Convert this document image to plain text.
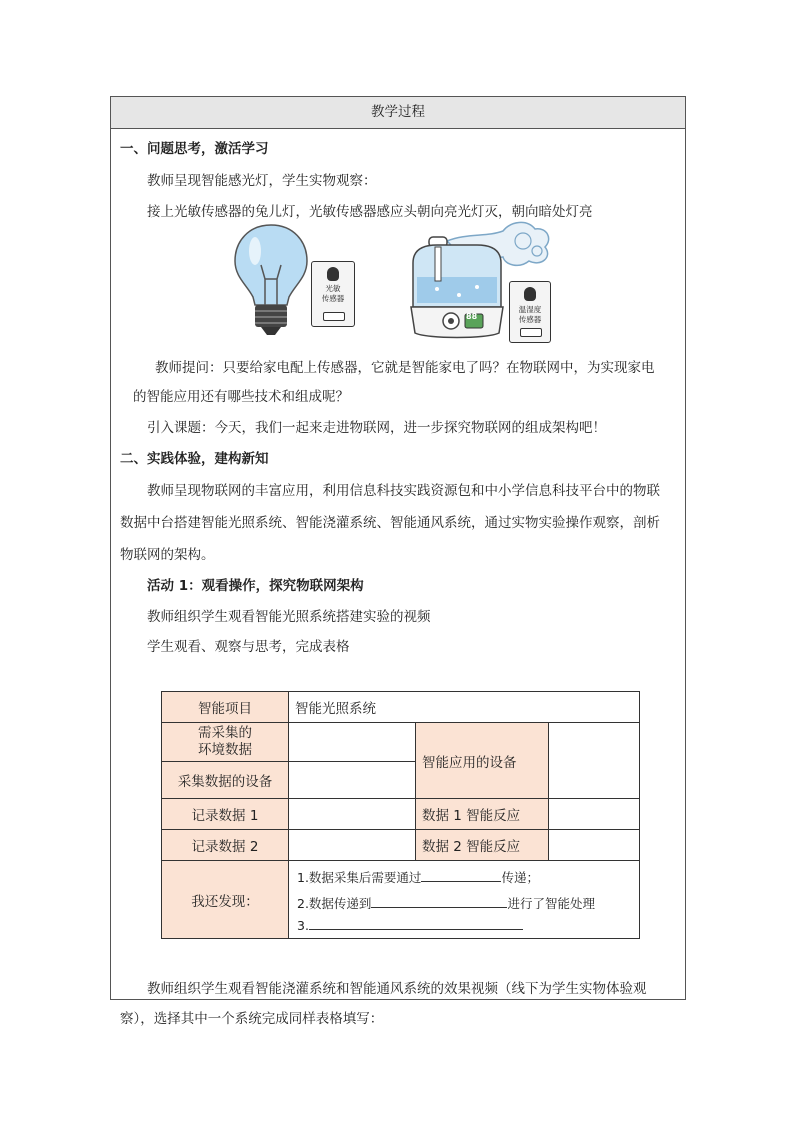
教学过程
一、问题思考，激活学习
教师呈现智能感光灯，学生实物观察：
接上光敏传感器的兔儿灯，光敏传感器感应头朝向亮光灯灭，朝向暗处灯亮
光敏
传感器
88
温湿度
传感器
教师提问：只要给家电配上传感器，它就是智能家电了吗？在物联网中，为实现家电
的智能应用还有哪些技术和组成呢？
引入课题：今天，我们一起来走进物联网，进一步探究物联网的组成架构吧！
二、实践体验，建构新知
教师呈现物联网的丰富应用，利用信息科技实践资源包和中小学信息科技平台中的物联
数据中台搭建智能光照系统、智能浇灌系统、智能通风系统，通过实物实验操作观察，剖析
物联网的架构。
活动 1：观看操作，探究物联网架构
教师组织学生观看智能光照系统搭建实验的视频
学生观看、观察与思考，完成表格
智能项目	智能光照系统		

需采集的
环境数据		智能应用的设备	
采集数据的设备			
记录数据 1		数据 1 智能反应	
记录数据 2		数据 2 智能反应	
我还发现：	1.数据采集后需要通过 传递；
2.数据传递到 进行了智能处理
3.		
教师组织学生观看智能浇灌系统和智能通风系统的效果视频（线下为学生实物体验观
察），选择其中一个系统完成同样表格填写：
